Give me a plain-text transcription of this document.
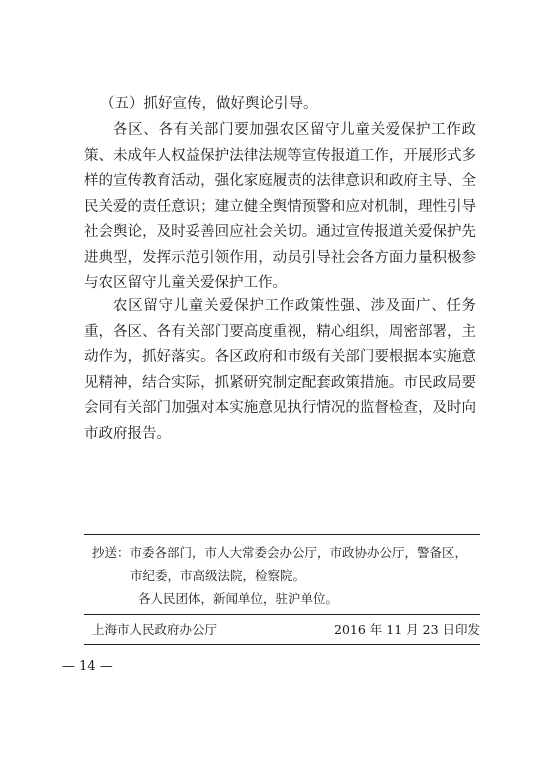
（五）抓好宣传，做好舆论引导。

各区、各有关部门要加强农区留守儿童关爱保护工作政策、未成年人权益保护法律法规等宣传报道工作，开展形式多样的宣传教育活动，强化家庭履责的法律意识和政府主导、全民关爱的责任意识；建立健全舆情预警和应对机制，理性引导社会舆论，及时妥善回应社会关切。通过宣传报道关爱保护先进典型，发挥示范引领作用，动员引导社会各方面力量积极参与农区留守儿童关爱保护工作。

农区留守儿童关爱保护工作政策性强、涉及面广、任务重，各区、各有关部门要高度重视，精心组织，周密部署，主动作为，抓好落实。各区政府和市级有关部门要根据本实施意见精神，结合实际，抓紧研究制定配套政策措施。市民政局要会同有关部门加强对本实施意见执行情况的监督检查，及时向市政府报告。

抄送：市委各部门，市人大常委会办公厅，市政协办公厅，警备区，
市纪委，市高级法院，检察院。
各人民团体，新闻单位，驻沪单位。
上海市人民政府办公厅	2016 年 11 月 23 日印发
— 14 —
